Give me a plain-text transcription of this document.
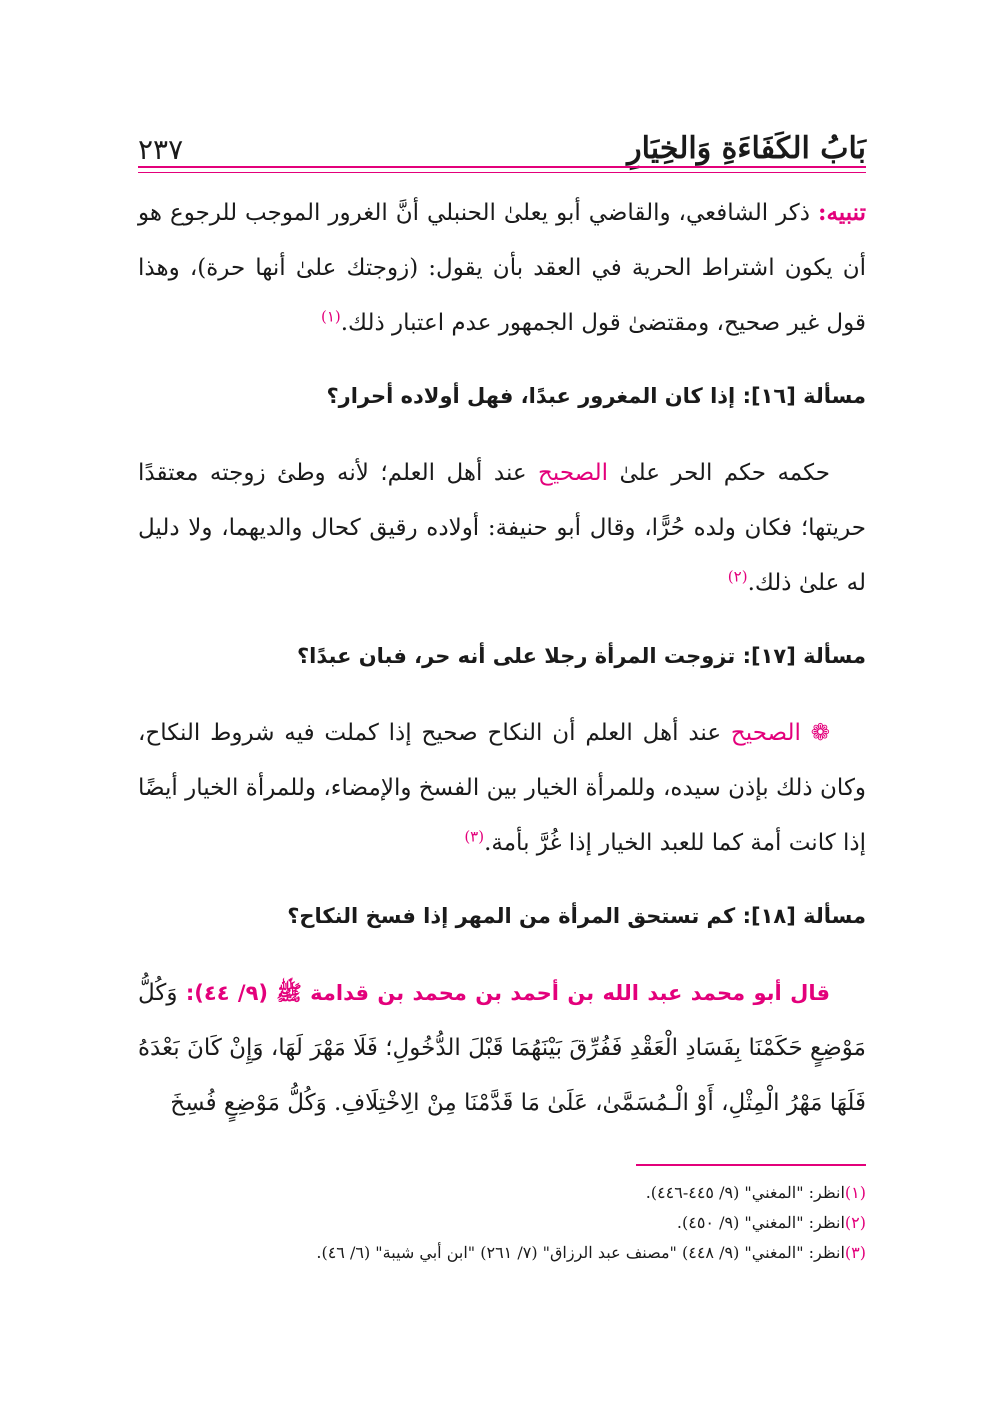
بَابُ الكَفَاءَةِ وَالخِيَارِ
٢٣٧

تنبيه: ذكر الشافعي، والقاضي أبو يعلىٰ الحنبلي أنَّ الغرور الموجب للرجوع هو أن يكون اشتراط الحرية في العقد بأن يقول: (زوجتك علىٰ أنها حرة)، وهذا قول غير صحيح، ومقتضىٰ قول الجمهور عدم اعتبار ذلك.$^{(١)}$

مسألة [١٦]: إذا كان المغرور عبدًا، فهل أولاده أحرار؟

حكمه حكم الحر علىٰ الصحيح عند أهل العلم؛ لأنه وطئ زوجته معتقدًا حريتها؛ فكان ولده حُرًّا، وقال أبو حنيفة: أولاده رقيق كحال والديهما، ولا دليل له علىٰ ذلك.$^{(٢)}$

مسألة [١٧]: تزوجت المرأة رجلا على أنه حر، فبان عبدًا؟

❁ الصحيح عند أهل العلم أن النكاح صحيح إذا كملت فيه شروط النكاح، وكان ذلك بإذن سيده، وللمرأة الخيار بين الفسخ والإمضاء، وللمرأة الخيار أيضًا إذا كانت أمة كما للعبد الخيار إذا غُرَّ بأمة.$^{(٣)}$

مسألة [١٨]: كم تستحق المرأة من المهر إذا فسخ النكاح؟

قال أبو محمد عبد الله بن أحمد بن محمد بن قدامة ﷺ (٩/ ٤٤): وَكُلُّ مَوْضِعٍ حَكَمْنَا بِفَسَادِ الْعَقْدِ فَفُرِّقَ بَيْنَهُمَا قَبْلَ الدُّخُولِ؛ فَلَا مَهْرَ لَهَا، وَإِنْ كَانَ بَعْدَهُ فَلَهَا مَهْرُ الْمِثْلِ، أَوْ الْـمُسَمَّىٰ، عَلَىٰ مَا قَدَّمْنَا مِنْ الِاخْتِلَافِ. وَكُلُّ مَوْضِعٍ فُسِخَ

(١)انظر: "المغني" (٩/ ٤٤٥-٤٤٦).
(٢)انظر: "المغني" (٩/ ٤٥٠).
(٣)انظر: "المغني" (٩/ ٤٤٨) "مصنف عبد الرزاق" (٧/ ٢٦١) "ابن أبي شيبة" (٦/ ٤٦).
